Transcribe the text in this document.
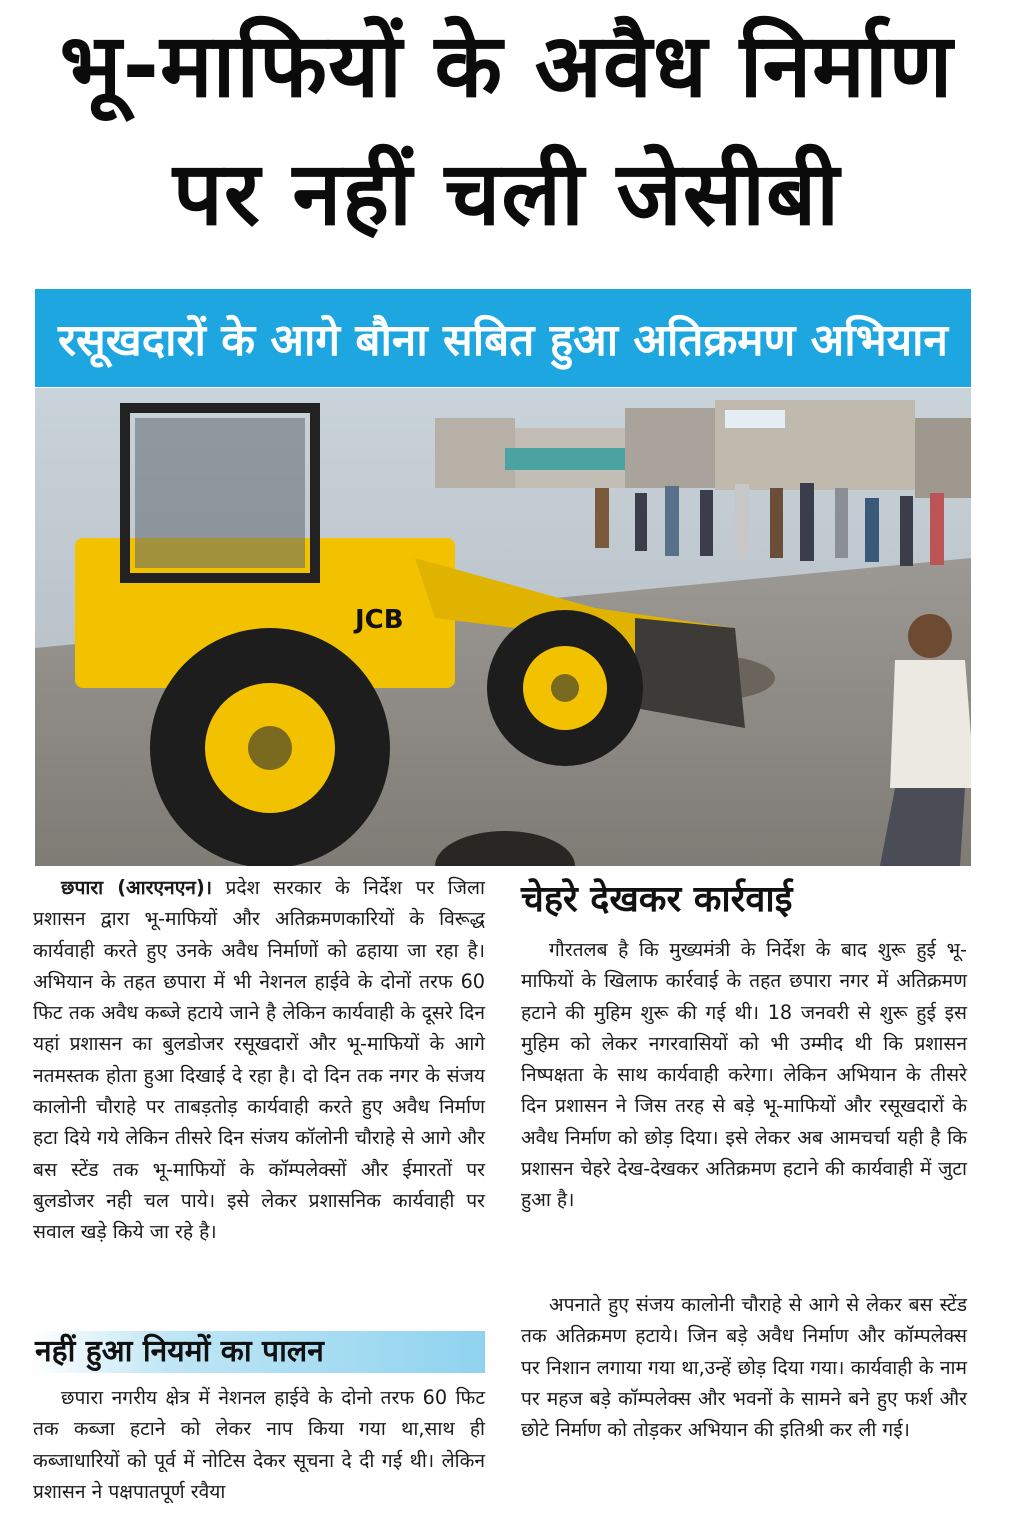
भू-माफियों के अवैध निर्माण
पर नहीं चली जेसीबी
रसूखदारों के आगे बौना सबित हुआ अतिक्रमण अभियान
JCB

छपारा (आरएनएन)। प्रदेश सरकार के निर्देश पर जिला प्रशासन द्वारा भू-माफियों और अतिक्रमणकारियों के विरूद्ध कार्यवाही करते हुए उनके अवैध निर्माणों को ढहाया जा रहा है। अभियान के तहत छपारा में भी नेशनल हाईवे के दोनों तरफ 60 फिट तक अवैध कब्जे हटाये जाने है लेकिन कार्यवाही के दूसरे दिन यहां प्रशासन का बुलडोजर रसूखदारों और भू-माफियों के आगे नतमस्तक होता हुआ दिखाई दे रहा है। दो दिन तक नगर के संजय कालोनी चौराहे पर ताबड़तोड़ कार्यवाही करते हुए अवैध निर्माण हटा दिये गये लेकिन तीसरे दिन संजय कॉलोनी चौराहे से आगे और बस स्टेंड तक भू-माफियों के कॉम्पलेक्सों और ईमारतों पर बुलडोजर नही चल पाये। इसे लेकर प्रशासनिक कार्यवाही पर सवाल खड़े किये जा रहे है।

नहीं हुआ नियमों का पालन

छपारा नगरीय क्षेत्र में नेशनल हाईवे के दोनो तरफ 60 फिट तक कब्जा हटाने को लेकर नाप किया गया था,साथ ही कब्जाधारियों को पूर्व में नोटिस देकर सूचना दे दी गई थी। लेकिन प्रशासन ने पक्षपातपूर्ण रवैया

चेहरे देखकर कार्रवाई

गौरतलब है कि मुख्यमंत्री के निर्देश के बाद शुरू हुई भू-माफियों के खिलाफ कार्रवाई के तहत छपारा नगर में अतिक्रमण हटाने की मुहिम शुरू की गई थी। 18 जनवरी से शुरू हुई इस मुहिम को लेकर नगरवासियों को भी उम्मीद थी कि प्रशासन निष्पक्षता के साथ कार्यवाही करेगा। लेकिन अभियान के तीसरे दिन प्रशासन ने जिस तरह से बड़े भू-माफियों और रसूखदारों के अवैध निर्माण को छोड़ दिया। इसे लेकर अब आमचर्चा यही है कि प्रशासन चेहरे देख-देखकर अतिक्रमण हटाने की कार्यवाही में जुटा हुआ है।

अपनाते हुए संजय कालोनी चौराहे से आगे से लेकर बस स्टेंड तक अतिक्रमण हटाये। जिन बड़े अवैध निर्माण और कॉम्पलेक्स पर निशान लगाया गया था,उन्हें छोड़ दिया गया। कार्यवाही के नाम पर महज बड़े कॉम्पलेक्स और भवनों के सामने बने हुए फर्श और छोटे निर्माण को तोड़कर अभियान की इतिश्री कर ली गई।
